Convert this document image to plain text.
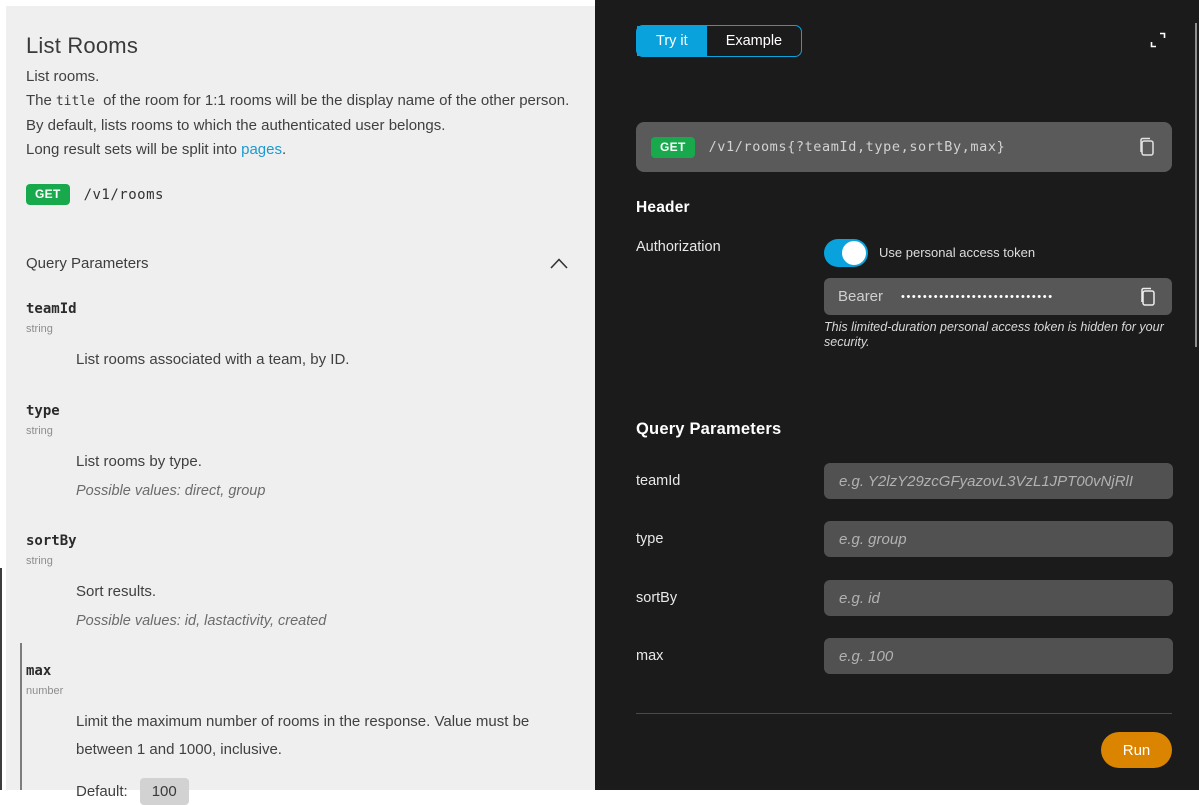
List Rooms
List rooms.
The title of the room for 1:1 rooms will be the display name of the other person.
By default, lists rooms to which the authenticated user belongs.
Long result sets will be split into pages.
GET	/v1/rooms
Query Parameters
teamId
string

List rooms associated with a team, by ID.

type
string

List rooms by type.

Possible values: direct, group

sortBy
string

Sort results.

Possible values: id, lastactivity, created

max
number

Limit the maximum number of rooms in the response. Value must be between 1 and 1000, inclusive.

Default:	100
Try it	Example
GET	/v1/rooms{?teamId,type,sortBy,max}
Header
Authorization	Use personal access token
Bearer ••••••••••••••••••••••••••••
This limited-duration personal access token is hidden for your security.
Query Parameters
teamId
e.g. Y2lzY29zcGFyazovL3VzL1JPT00vNjRlI
type
e.g. group
sortBy
e.g. id
max
e.g. 100
Run
